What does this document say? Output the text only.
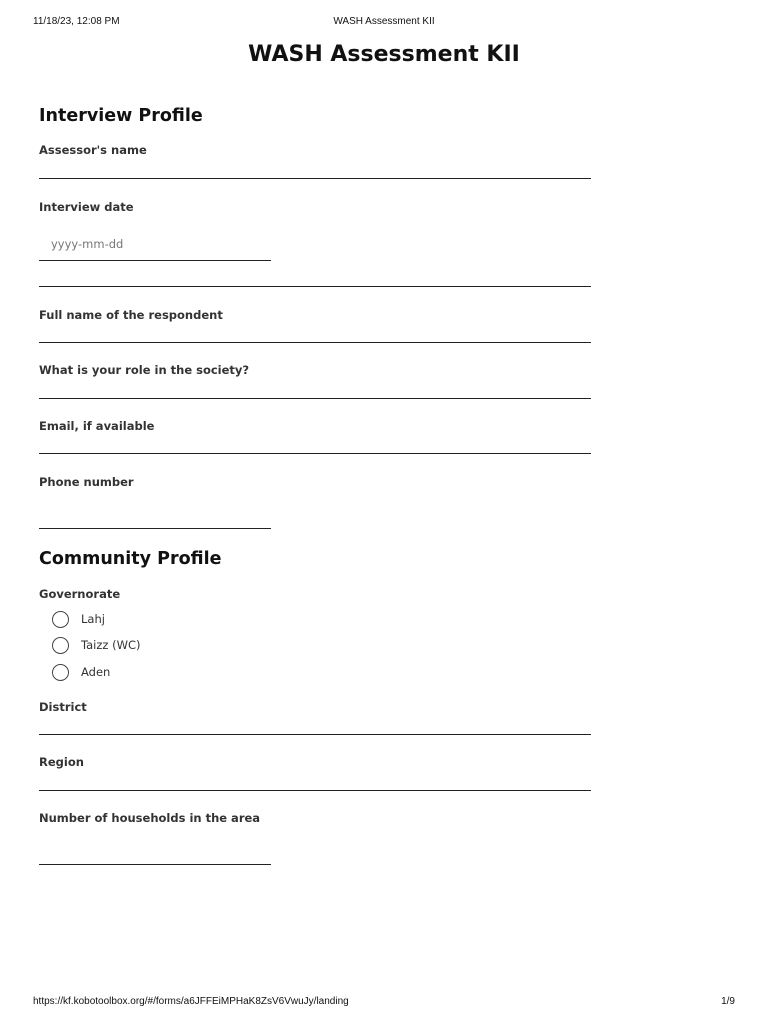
11/18/23, 12:08 PM	WASH Assessment KII
WASH Assessment KII
Interview Profile
Assessor's name
Interview date
yyyy-mm-dd
Full name of the respondent
What is your role in the society?
Email, if available
Phone number
Community Profile
Governorate
Lahj
Taizz (WC)
Aden
District
Region
Number of households in the area
https://kf.kobotoolbox.org/#/forms/a6JFFEiMPHaK8ZsV6VwuJy/landing	1/9
